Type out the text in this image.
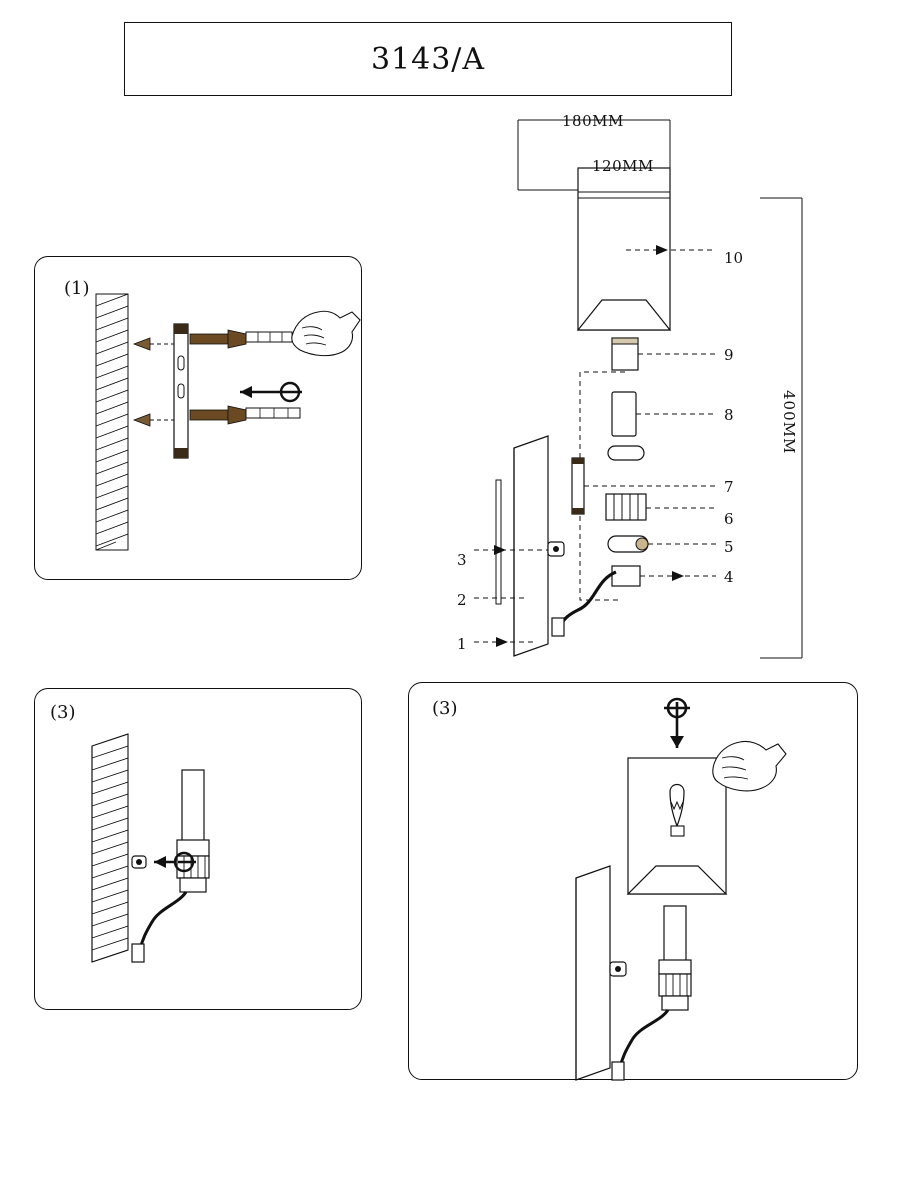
3143/A
(1)
180MM
120MM
400MM
10
9
8
7
6
5
4
3
2
1
(3)	(3)
